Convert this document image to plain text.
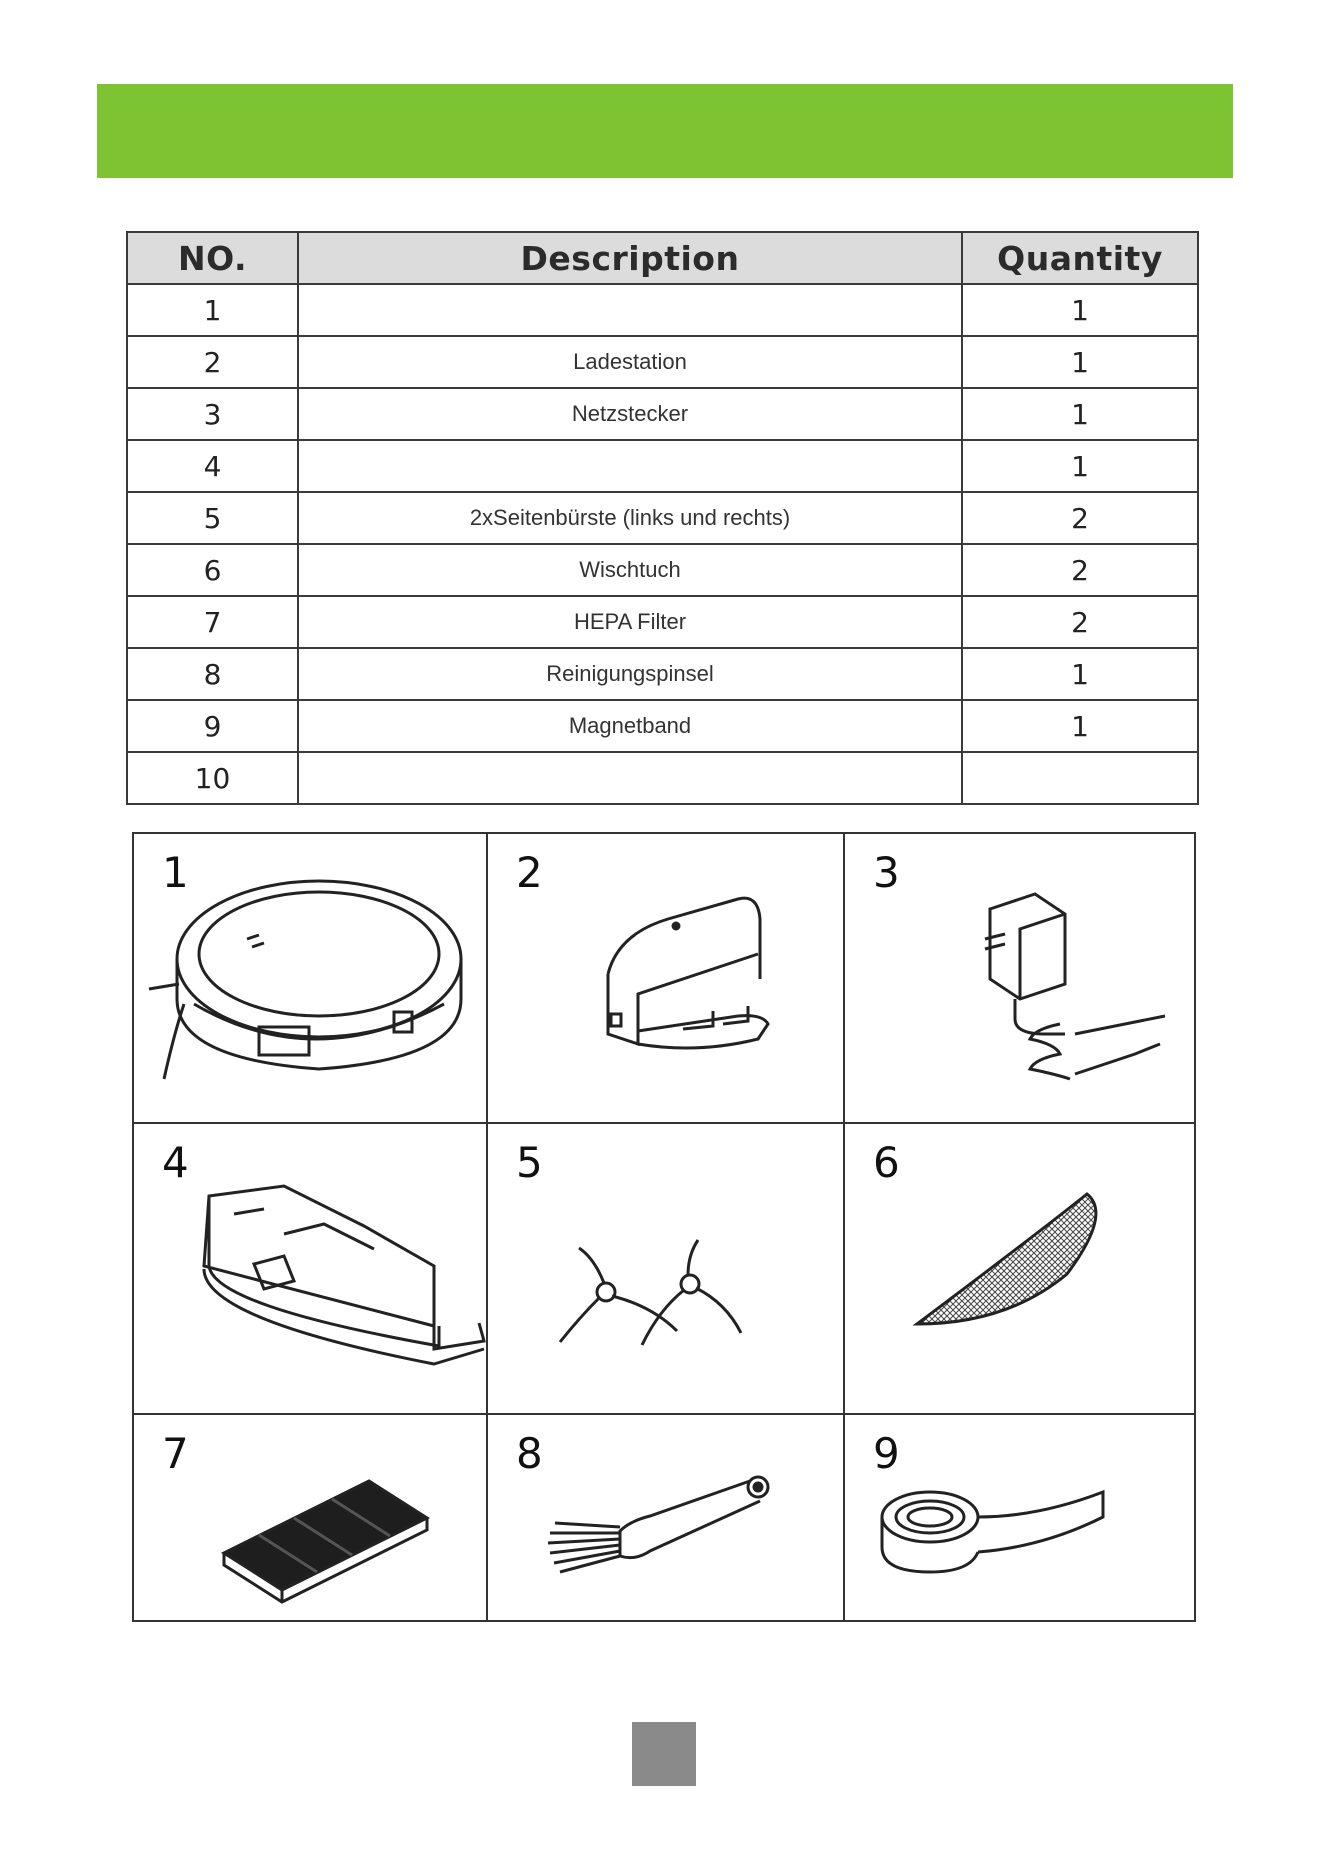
NO.	Description	Quantity
1		1
2	Ladestation	1
3	Netzstecker	1
4		1
5	2xSeitenbürste (links und rechts)	2
6	Wischtuch	2
7	HEPA Filter	2
8	Reinigungspinsel	1
9	Magnetband	1
10		
1	2	3
4	5	6
7	8	9
